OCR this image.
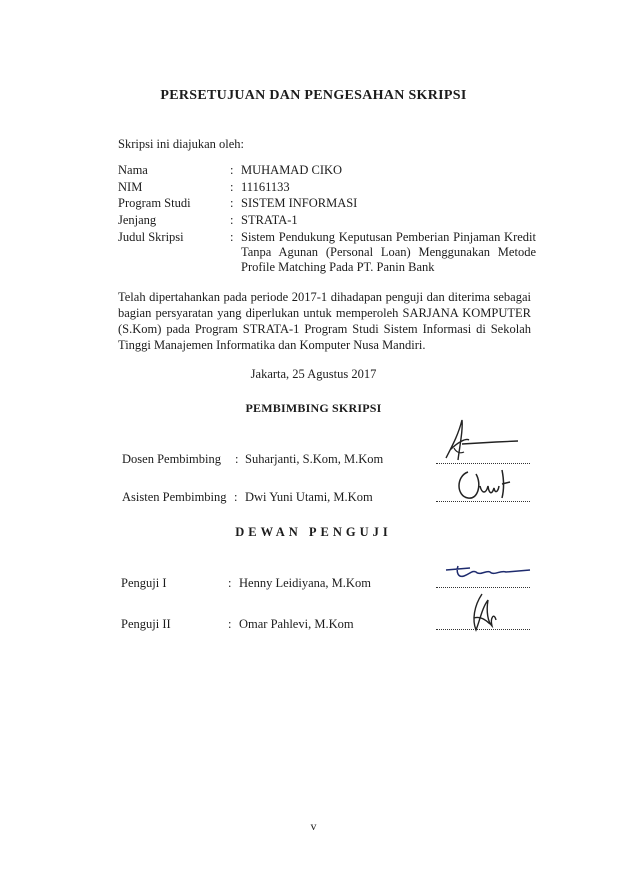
PERSETUJUAN DAN PENGESAHAN SKRIPSI
Skripsi ini diajukan oleh:
Nama	: MUHAMAD CIKO
NIM	: 11161133
Program Studi	: SISTEM INFORMASI
Jenjang	: STRATA-1
Judul Skripsi	: Sistem Pendukung Keputusan Pemberian Pinjaman Kredit Tanpa Agunan (Personal Loan) Menggunakan Metode Profile Matching Pada PT. Panin Bank
Telah dipertahankan pada periode 2017-1 dihadapan penguji dan diterima sebagai bagian persyaratan yang diperlukan untuk memperoleh SARJANA KOMPUTER (S.Kom) pada Program STRATA-1 Program Studi Sistem Informasi di Sekolah Tinggi Manajemen Informatika dan Komputer Nusa Mandiri.
Jakarta, 25 Agustus 2017
PEMBIMBING SKRIPSI
Dosen Pembimbing : Suharjanti, S.Kom, M.Kom
Asisten Pembimbing : Dwi Yuni Utami, M.Kom
DEWAN PENGUJI
Penguji I	: Henny Leidiyana, M.Kom
Penguji II	: Omar Pahlevi, M.Kom
v
